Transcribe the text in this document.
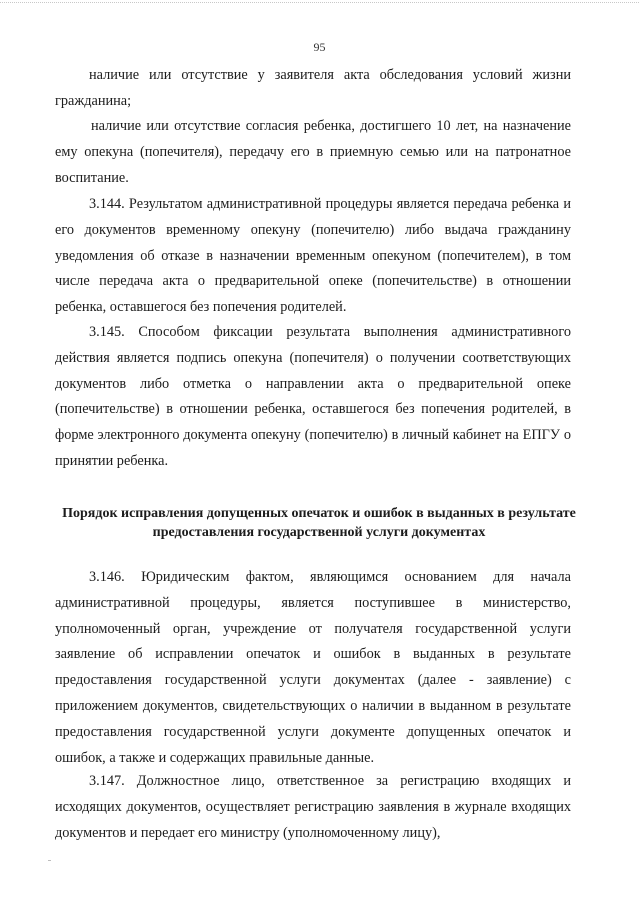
95

наличие или отсутствие у заявителя акта обследования условий жизни гражданина;

наличие или отсутствие согласия ребенка, достигшего 10 лет, на назначение ему опекуна (попечителя), передачу его в приемную семью или на патронатное воспитание.

3.144. Результатом административной процедуры является передача ребенка и его документов временному опекуну (попечителю) либо выдача гражданину уведомления об отказе в назначении временным опекуном (попечителем), в том числе передача акта о предварительной опеке (попечительстве) в отношении ребенка, оставшегося без попечения родителей.

3.145. Способом фиксации результата выполнения административного действия является подпись опекуна (попечителя) о получении соответствующих документов либо отметка о направлении акта о предварительной опеке (попечительстве) в отношении ребенка, оставшегося без попечения родителей, в форме электронного документа опекуну (попечителю) в личный кабинет на ЕПГУ о принятии ребенка.

Порядок исправления допущенных опечаток и ошибок в выданных в результате предоставления государственной услуги документах

3.146. Юридическим фактом, являющимся основанием для начала административной процедуры, является поступившее в министерство, уполномоченный орган, учреждение от получателя государственной услуги заявление об исправлении опечаток и ошибок в выданных в результате предоставления государственной услуги документах (далее - заявление) с приложением документов, свидетельствующих о наличии в выданном в результате предоставления государственной услуги документе допущенных опечаток и ошибок, а также и содержащих правильные данные.

3.147. Должностное лицо, ответственное за регистрацию входящих и исходящих документов, осуществляет регистрацию заявления в журнале входящих документов и передает его министру (уполномоченному лицу),
